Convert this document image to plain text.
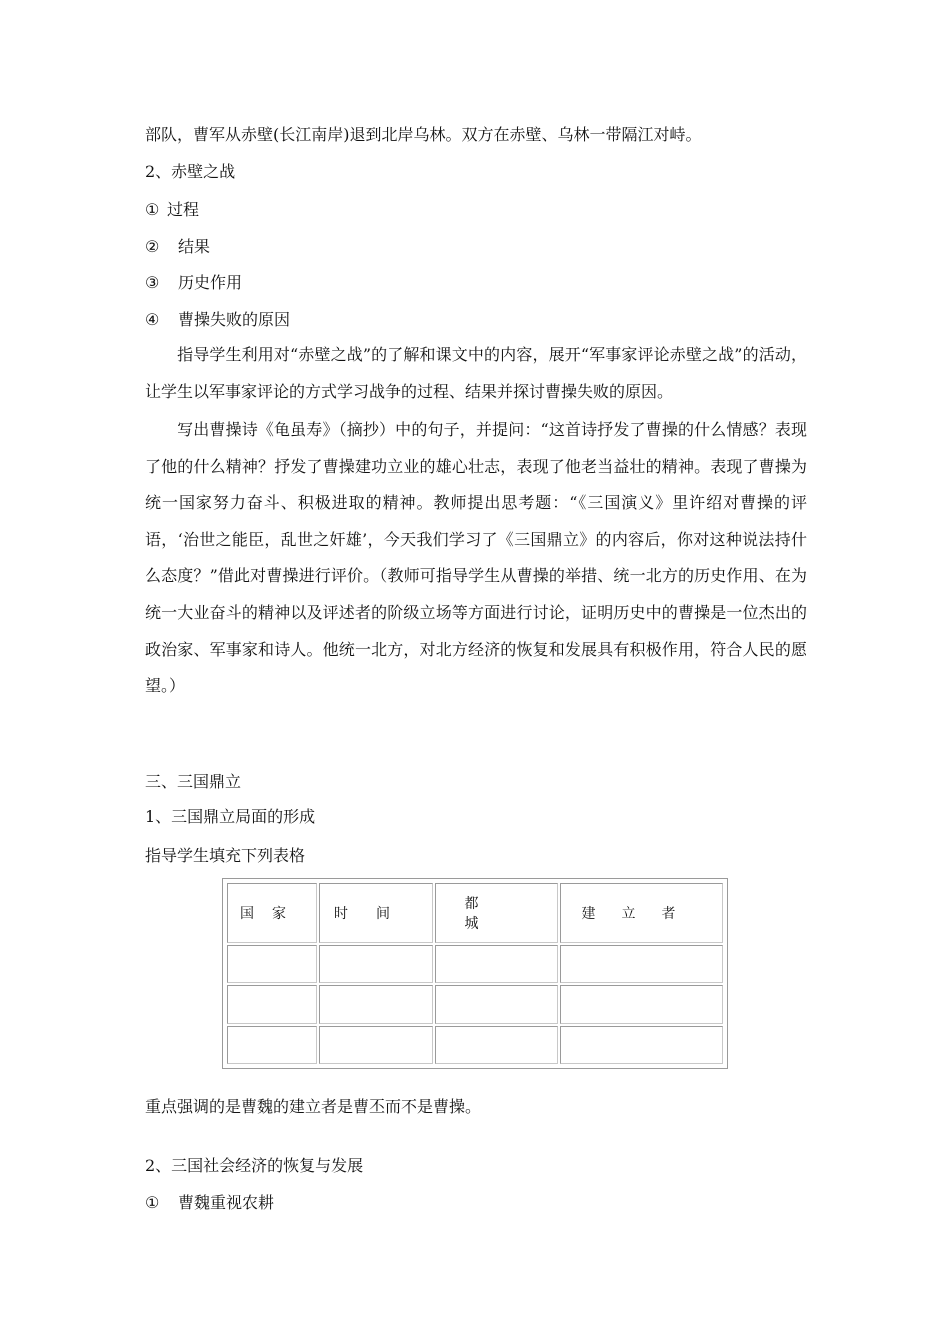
部队，曹军从赤壁(长江南岸)退到北岸乌林。双方在赤壁、乌林一带隔江对峙。
2、赤壁之战
① 过程
② 结果
③ 历史作用
④ 曹操失败的原因
指导学生利用对“赤壁之战”的了解和课文中的内容，展开“军事家评论赤壁之战”的活动，让学生以军事家评论的方式学习战争的过程、结果并探讨曹操失败的原因。
写出曹操诗《龟虽寿》（摘抄）中的句子，并提问：“这首诗抒发了曹操的什么情感？表现了他的什么精神？抒发了曹操建功立业的雄心壮志，表现了他老当益壮的精神。表现了曹操为统一国家努力奋斗、积极进取的精神。教师提出思考题：“《三国演义》里许绍对曹操的评语，‘治世之能臣，乱世之奸雄’，今天我们学习了《三国鼎立》的内容后，你对这种说法持什么态度？”借此对曹操进行评价。（教师可指导学生从曹操的举措、统一北方的历史作用、在为统一大业奋斗的精神以及评述者的阶级立场等方面进行讨论，证明历史中的曹操是一位杰出的政治家、军事家和诗人。他统一北方，对北方经济的恢复和发展具有积极作用，符合人民的愿望。）
三、三国鼎立
1、三国鼎立局面的形成
指导学生填充下列表格
国家	时间	都城	建立者

重点强调的是曹魏的建立者是曹丕而不是曹操。
2、三国社会经济的恢复与发展
① 曹魏重视农耕
